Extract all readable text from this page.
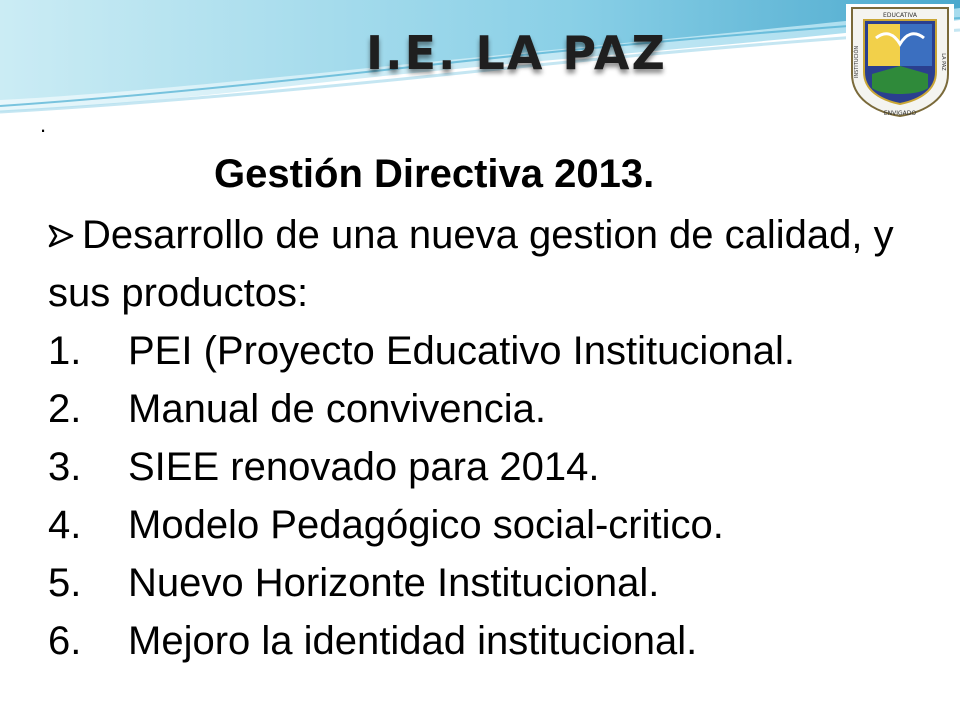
I.E. LA PAZ
EDUCATIVA
ENVIGADO
INSTITUCIÓN	LA PAZ
.
Gestión Directiva 2013.
Desarrollo de una nueva gestion de calidad, y sus productos:
1.	PEI (Proyecto Educativo Institucional.
2.	Manual de convivencia.
3.	SIEE renovado para 2014.
4.	Modelo Pedagógico social-critico.
5.	Nuevo Horizonte Institucional.
6.	Mejoro la identidad institucional.
